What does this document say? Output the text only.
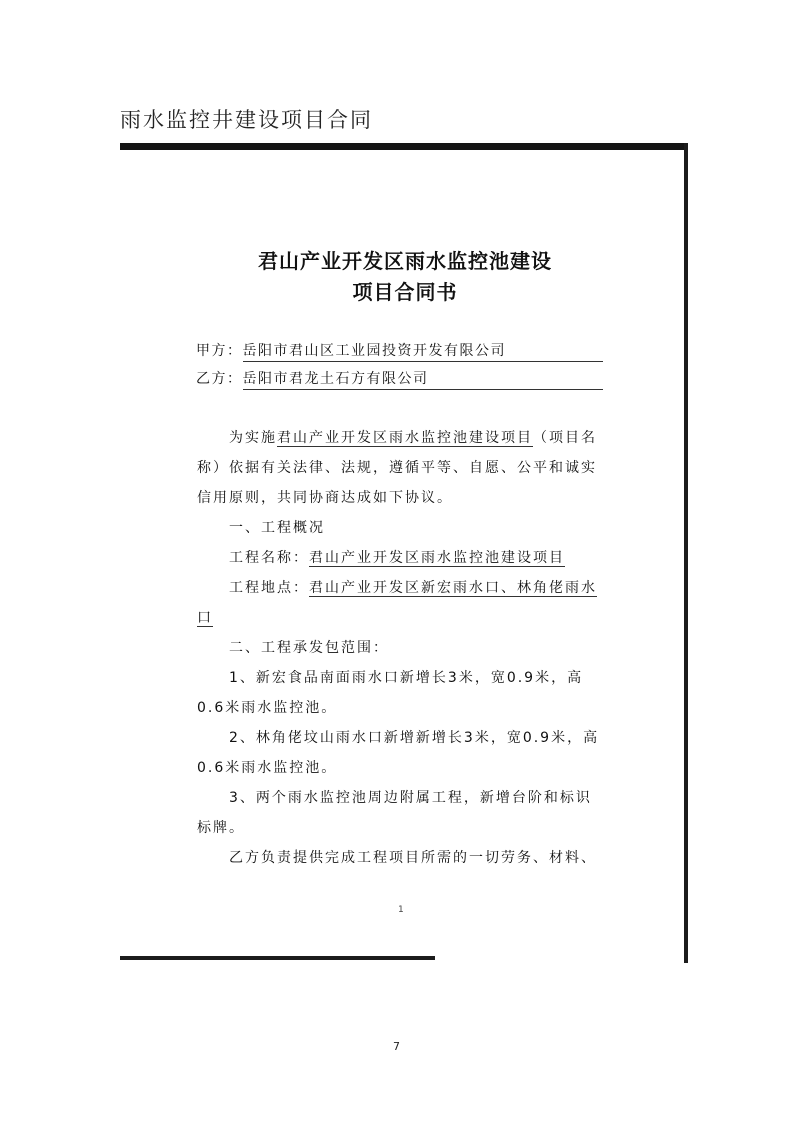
雨水监控井建设项目合同
君山产业开发区雨水监控池建设
项目合同书
甲方：岳阳市君山区工业园投资开发有限公司
乙方：岳阳市君龙土石方有限公司

为实施君山产业开发区雨水监控池建设项目（项目名称）依据有关法律、法规，遵循平等、自愿、公平和诚实信用原则，共同协商达成如下协议。

一、工程概况

工程名称：君山产业开发区雨水监控池建设项目

工程地点：君山产业开发区新宏雨水口、林角佬雨水口

二、工程承发包范围：

1、新宏食品南面雨水口新增长3米，宽0.9米，高0.6米雨水监控池。

2、林角佬坟山雨水口新增新增长3米，宽0.9米，高0.6米雨水监控池。

3、两个雨水监控池周边附属工程，新增台阶和标识标牌。

乙方负责提供完成工程项目所需的一切劳务、材料、

1
7
